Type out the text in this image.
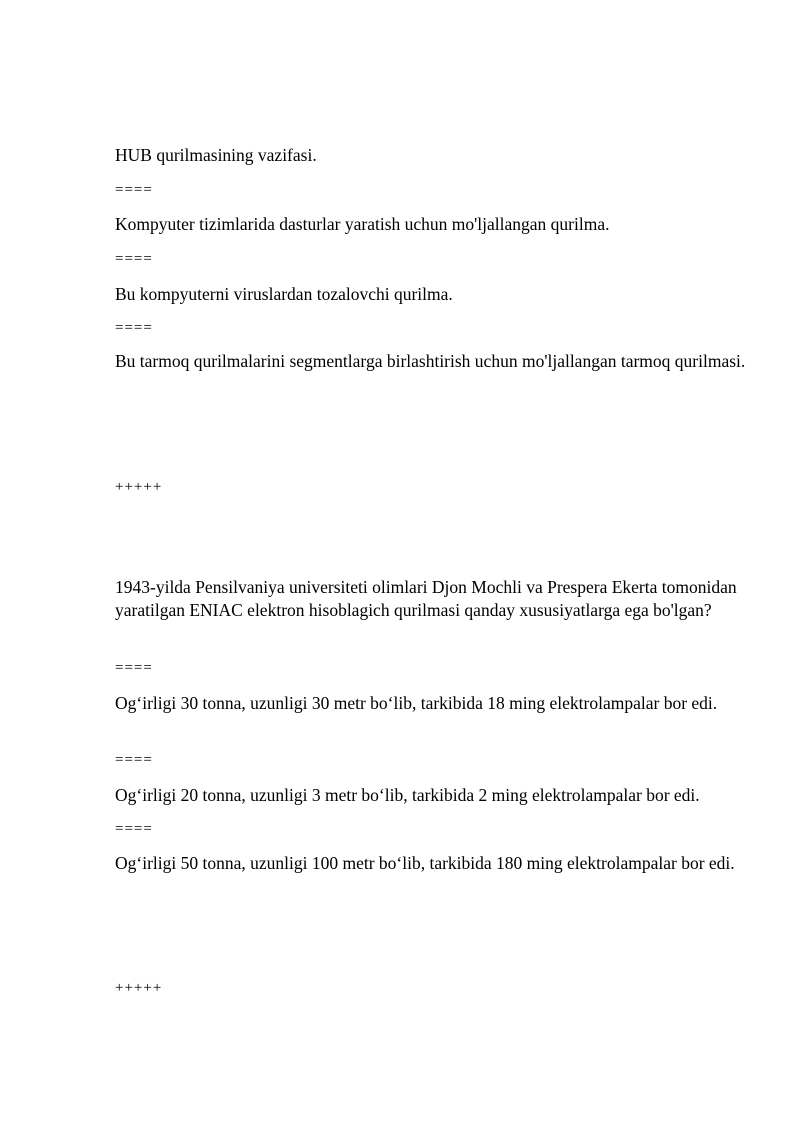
HUB qurilmasining vazifasi.
====
Kompyuter tizimlarida dasturlar yaratish uchun mo'ljallangan qurilma.
====
Bu kompyuterni viruslardan tozalovchi qurilma.
====
Bu tarmoq qurilmalarini segmentlarga birlashtirish uchun mo'ljallangan tarmoq qurilmasi.
+++++
1943-yilda Pensilvaniya universiteti olimlari Djon Mochli va Prespera Ekerta tomonidan yaratilgan ENIAC elektron hisoblagich qurilmasi qanday xususiyatlarga ega bo'lgan?
====
Og‘irligi 30 tonna, uzunligi 30 metr bo‘lib, tarkibida 18 ming elektrolampalar bor edi.
====
Og‘irligi 20 tonna, uzunligi 3 metr bo‘lib, tarkibida 2 ming elektrolampalar bor edi.
====
Og‘irligi 50 tonna, uzunligi 100 metr bo‘lib, tarkibida 180 ming elektrolampalar bor edi.
+++++
